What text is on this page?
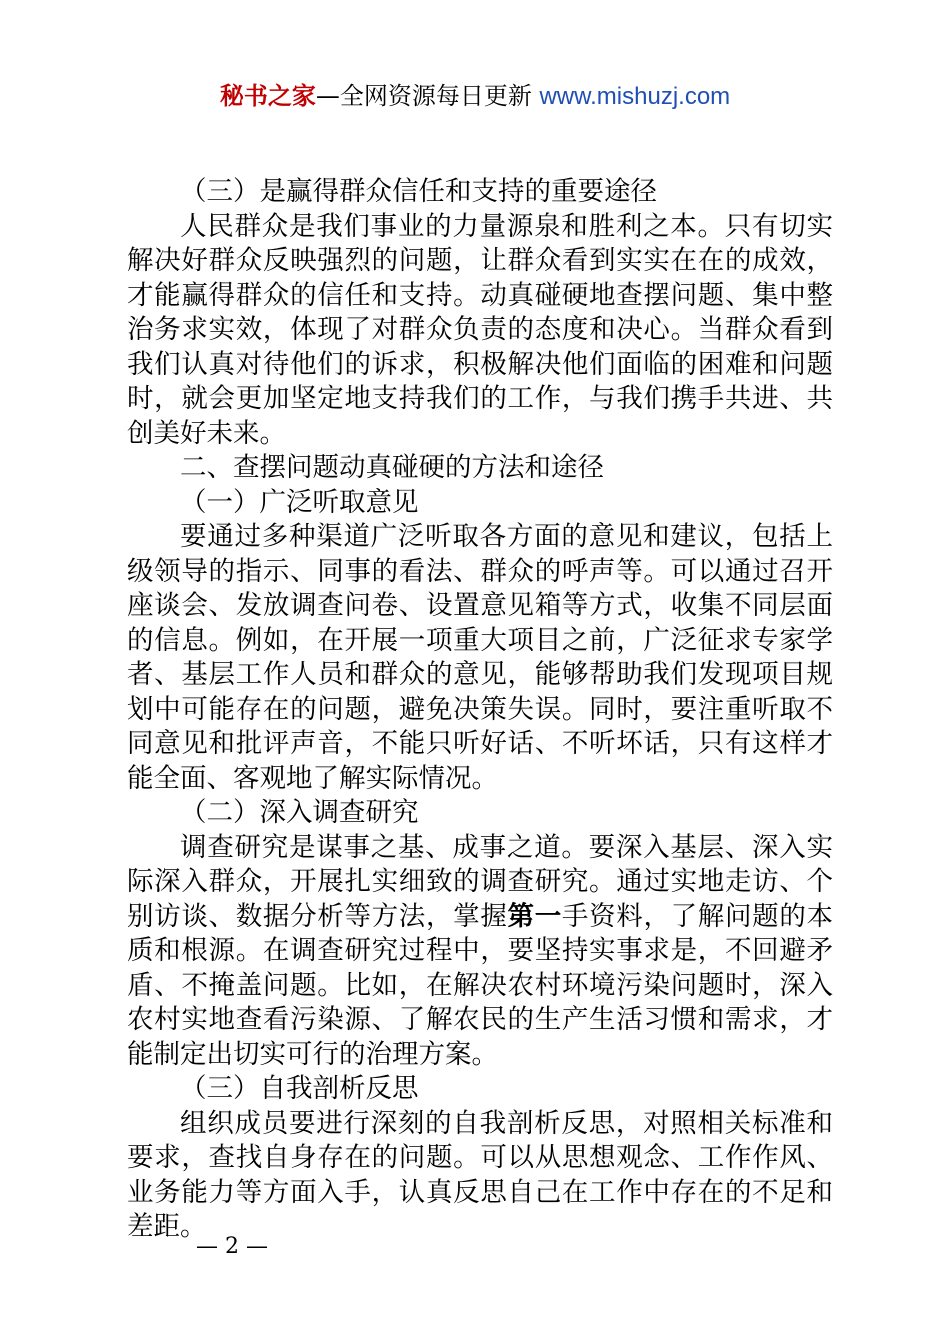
秘书之家—全网资源每日更新 www.mishuzj.com

（三）是赢得群众信任和支持的重要途径

人民群众是我们事业的力量源泉和胜利之本。只有切实解决好群众反映强烈的问题，让群众看到实实在在的成效，才能赢得群众的信任和支持。动真碰硬地查摆问题、集中整治务求实效，体现了对群众负责的态度和决心。当群众看到我们认真对待他们的诉求，积极解决他们面临的困难和问题时，就会更加坚定地支持我们的工作，与我们携手共进、共创美好未来。

二、查摆问题动真碰硬的方法和途径

（一）广泛听取意见

要通过多种渠道广泛听取各方面的意见和建议，包括上级领导的指示、同事的看法、群众的呼声等。可以通过召开座谈会、发放调查问卷、设置意见箱等方式，收集不同层面的信息。例如，在开展一项重大项目之前，广泛征求专家学者、基层工作人员和群众的意见，能够帮助我们发现项目规划中可能存在的问题，避免决策失误。同时，要注重听取不同意见和批评声音，不能只听好话、不听坏话，只有这样才能全面、客观地了解实际情况。

（二）深入调查研究

调查研究是谋事之基、成事之道。要深入基层、深入实际深入群众，开展扎实细致的调查研究。通过实地走访、个别访谈、数据分析等方法，掌握第一手资料，了解问题的本质和根源。在调查研究过程中，要坚持实事求是，不回避矛盾、不掩盖问题。比如，在解决农村环境污染问题时，深入农村实地查看污染源、了解农民的生产生活习惯和需求，才能制定出切实可行的治理方案。

（三）自我剖析反思

组织成员要进行深刻的自我剖析反思，对照相关标准和要求，查找自身存在的问题。可以从思想观念、工作作风、业务能力等方面入手，认真反思自己在工作中存在的不足和差距。

— 2 —
